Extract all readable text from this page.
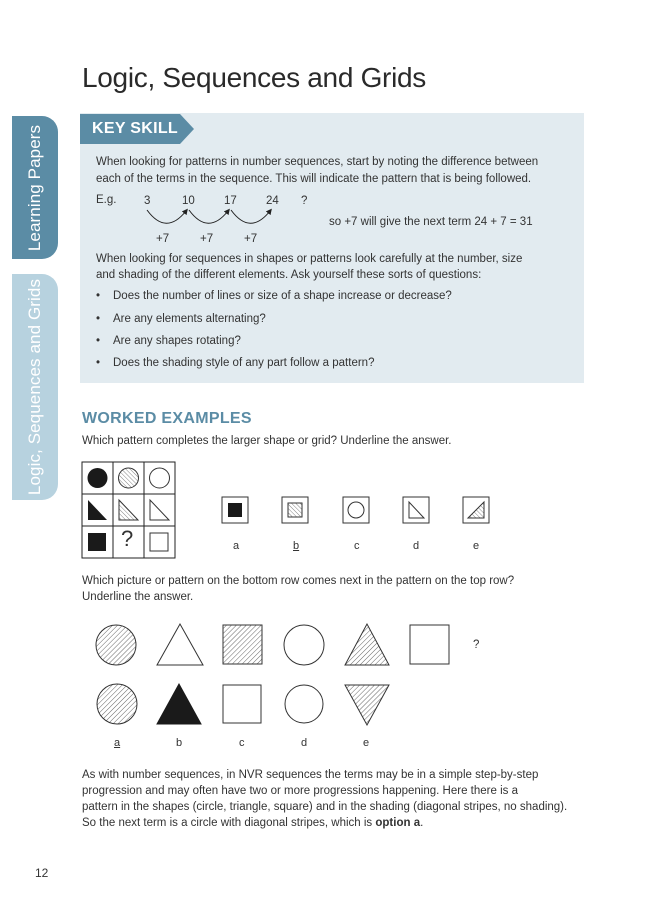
Learning Papers
Logic, Sequences and Grids
Logic, Sequences and Grids
KEY SKILL
When looking for patterns in number sequences, start by noting the difference between
each of the terms in the sequence. This will indicate the pattern that is being followed.
E.g. 3	10	17	24 ?
so +7 will give the next term 24 + 7 = 31
+7	+7	+7
When looking for sequences in shapes or patterns look carefully at the number, size
and shading of the different elements. Ask yourself these sorts of questions:
• Does the number of lines or size of a shape increase or decrease?
• Are any elements alternating?
• Are any shapes rotating?
• Does the shading style of any part follow a pattern?
WORKED EXAMPLES
Which pattern completes the larger shape or grid? Underline the answer.
?	a	b	c	d	e
Which picture or pattern on the bottom row comes next in the pattern on the top row?
Underline the answer.
?
a	b	c	d	e
As with number sequences, in NVR sequences the terms may be in a simple step-by-step
progression and may often have two or more progressions happening. Here there is a
pattern in the shapes (circle, triangle, square) and in the shading (diagonal stripes, no shading).
So the next term is a circle with diagonal stripes, which is option a.
12
